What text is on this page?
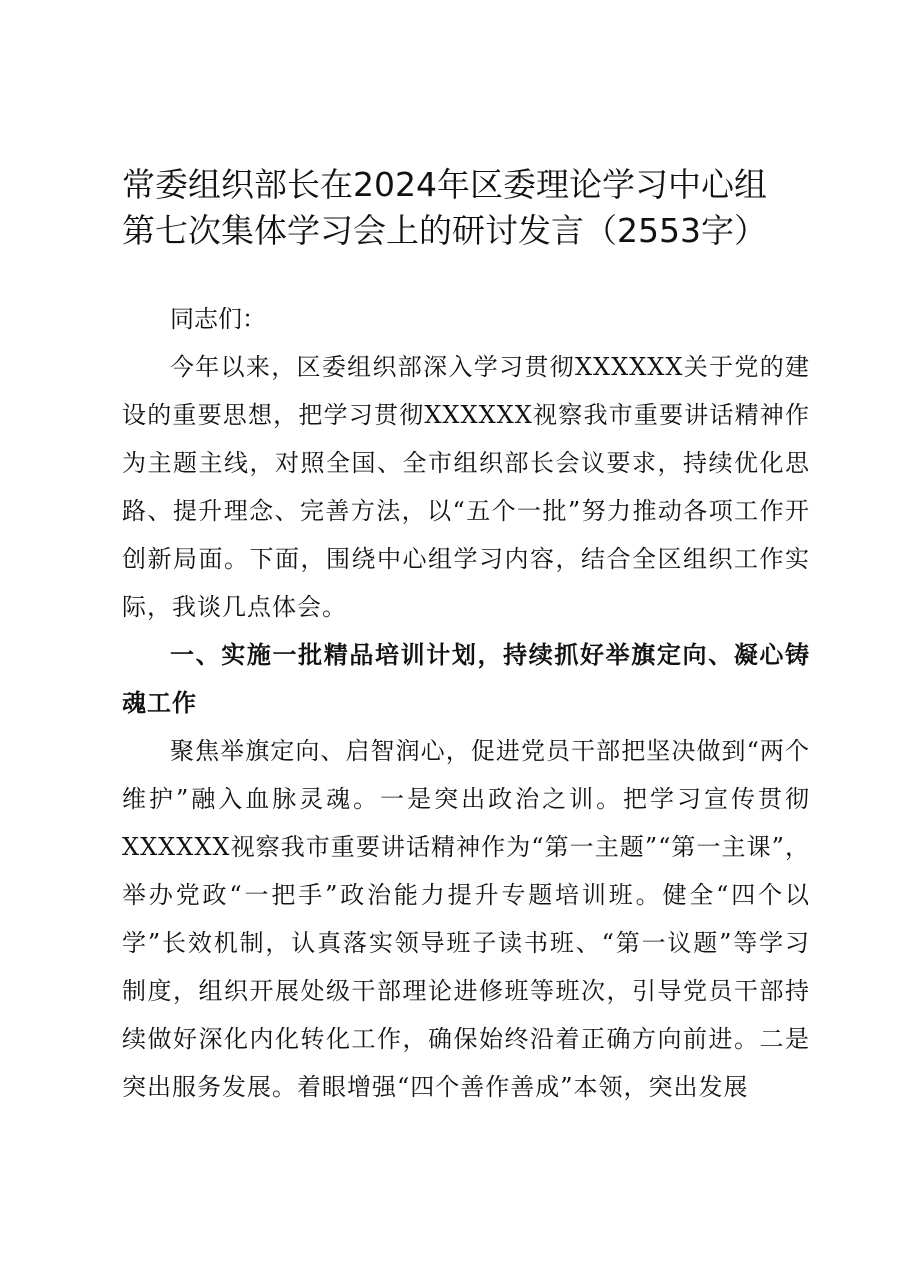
常委组织部长在2024年区委理论学习中心组
第七次集体学习会上的研讨发言（2553字）

同志们：

今年以来，区委组织部深入学习贯彻XXXXXX关于党的建设的重要思想，把学习贯彻XXXXXX视察我市重要讲话精神作为主题主线，对照全国、全市组织部长会议要求，持续优化思路、提升理念、完善方法，以“五个一批”努力推动各项工作开创新局面。下面，围绕中心组学习内容，结合全区组织工作实际，我谈几点体会。

一、实施一批精品培训计划，持续抓好举旗定向、凝心铸魂工作

聚焦举旗定向、启智润心，促进党员干部把坚决做到“两个维护”融入血脉灵魂。一是突出政治之训。把学习宣传贯彻XXXXXX视察我市重要讲话精神作为“第一主题”“第一主课”，举办党政“一把手”政治能力提升专题培训班。健全“四个以学”长效机制，认真落实领导班子读书班、“第一议题”等学习制度，组织开展处级干部理论进修班等班次，引导党员干部持续做好深化内化转化工作，确保始终沿着正确方向前进。二是突出服务发展。着眼增强“四个善作善成”本领，突出发展
